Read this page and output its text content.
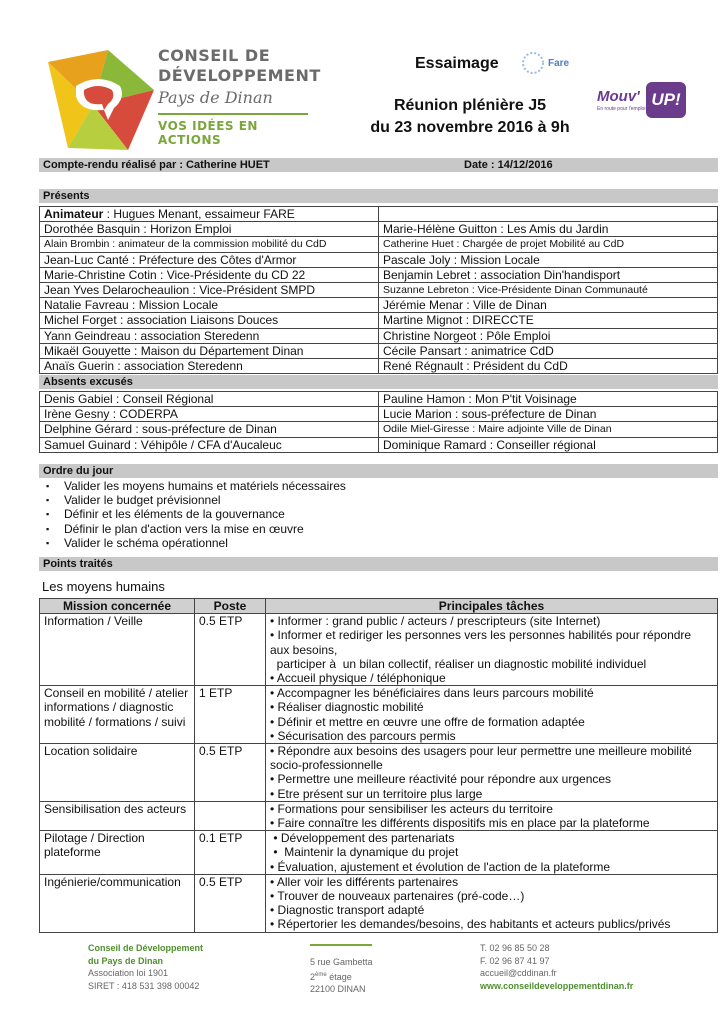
CONSEIL DE
DÉVELOPPEMENT
Pays de Dinan
VOS IDÉES EN ACTIONS
Essaimage	Fare
Réunion plénière J5
du 23 novembre 2016 à 9h
Mouv'
En route pour l'emploi UP!
Compte-rendu réalisé par : Catherine HUET	Date : 14/12/2016
Présents
Animateur : Hugues Menant, essaimeur FARE	
Dorothée Basquin : Horizon Emploi	Marie-Hélène Guitton : Les Amis du Jardin
Alain Brombin : animateur de la commission mobilité du CdD	Catherine Huet : Chargée de projet Mobilité au CdD
Jean-Luc Canté : Préfecture des Côtes d'Armor	Pascale Joly : Mission Locale
Marie-Christine Cotin : Vice-Présidente du CD 22	Benjamin Lebret : association Din'handisport
Jean Yves Delarocheaulion : Vice-Président SMPD	Suzanne Lebreton : Vice-Présidente Dinan Communauté
Natalie Favreau : Mission Locale	Jérémie Menar : Ville de Dinan
Michel Forget : association Liaisons Douces	Martine Mignot : DIRECCTE
Yann Geindreau : association Steredenn	Christine Norgeot : Pôle Emploi
Mikaël Gouyette : Maison du Département Dinan	Cécile Pansart : animatrice CdD
Anaïs Guerin : association Steredenn	René Régnault : Président du CdD
Absents excusés
Denis Gabiel : Conseil Régional	Pauline Hamon : Mon P'tit Voisinage
Irène Gesny : CODERPA	Lucie Marion : sous-préfecture de Dinan
Delphine Gérard : sous-préfecture de Dinan	Odile Miel-Giresse : Maire adjointe Ville de Dinan
Samuel Guinard : Véhipôle / CFA d'Aucaleuc	Dominique Ramard : Conseiller régional
Ordre du jour
▪ Valider les moyens humains et matériels nécessaires
▪ Valider le budget prévisionnel
▪ Définir et les éléments de la gouvernance
▪ Définir le plan d'action vers la mise en œuvre
▪ Valider le schéma opérationnel
Points traités
Les moyens humains
Mission concernée	Poste	Principales tâches
Information / Veille	0.5 ETP	• Informer : grand public / acteurs / prescripteurs (site Internet)
• Informer et rediriger les personnes vers les personnes habilités pour répondre aux besoins,
participer à  un bilan collectif, réaliser un diagnostic mobilité individuel
• Accueil physique / téléphonique

Conseil en mobilité / atelier informations / diagnostic mobilité / formations / suivi	1 ETP	• Accompagner les bénéficiaires dans leurs parcours mobilité
• Réaliser diagnostic mobilité
• Définir et mettre en œuvre une offre de formation adaptée
• Sécurisation des parcours permis

Location solidaire	0.5 ETP	• Répondre aux besoins des usagers pour leur permettre une meilleure mobilité socio-professionnelle
• Permettre une meilleure réactivité pour répondre aux urgences
• Etre présent sur un territoire plus large

Sensibilisation des acteurs		• Formations pour sensibiliser les acteurs du territoire
• Faire connaître les différents dispositifs mis en place par la plateforme

Pilotage / Direction plateforme	0.1 ETP	• Développement des partenariats
•  Maintenir la dynamique du projet
• Évaluation, ajustement et évolution de l'action de la plateforme

Ingénierie/communication	0.5 ETP	• Aller voir les différents partenaires
• Trouver de nouveaux partenaires (pré-code…)
• Diagnostic transport adapté
• Répertorier les demandes/besoins, des habitants et acteurs publics/privés
Conseil de Développement
du Pays de Dinan
Association loi 1901
SIRET : 418 531 398 00042
5 rue Gambetta
2ème étage
22100 DINAN
T. 02 96 85 50 28
F. 02 96 87 41 97
accueil@cddinan.fr
www.conseildeveloppementdinan.fr
